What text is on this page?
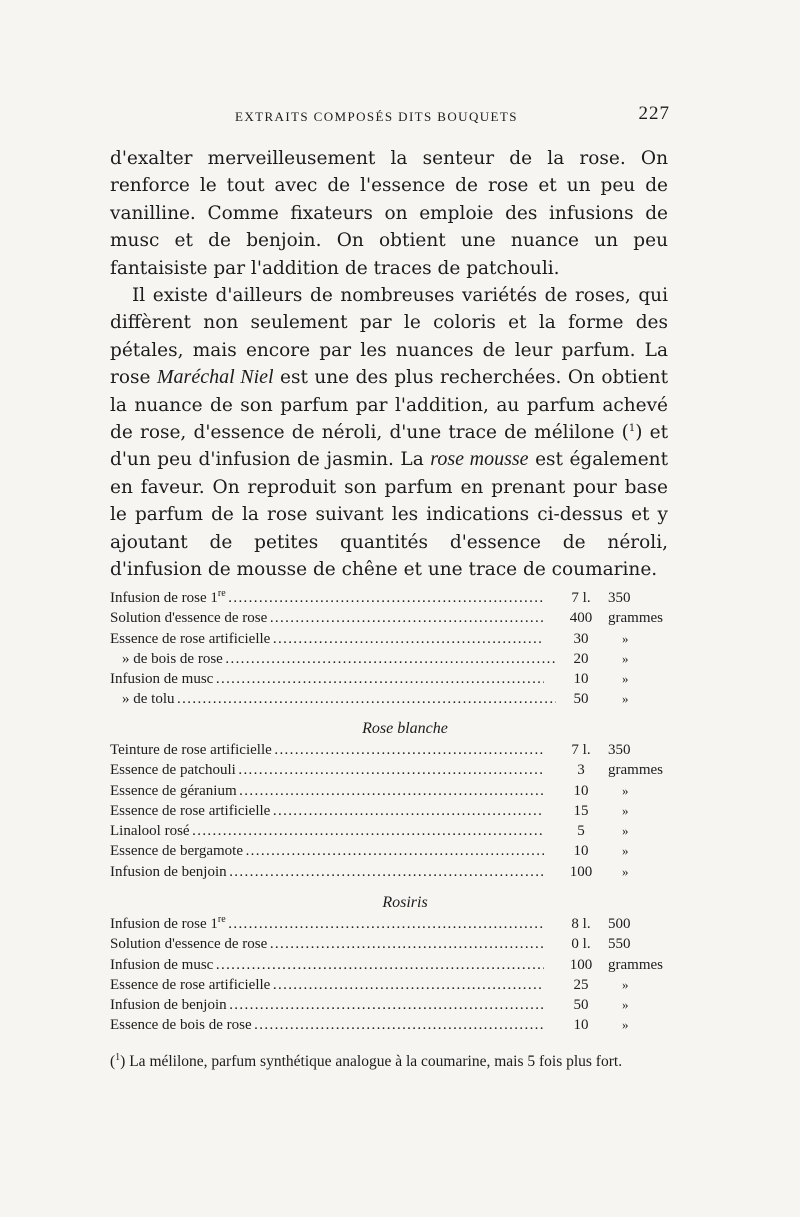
EXTRAITS COMPOSÉS DITS BOUQUETS	227

d'exalter merveilleusement la senteur de la rose. On renforce le tout avec de l'essence de rose et un peu de vanilline. Comme fixateurs on emploie des infusions de musc et de benjoin. On obtient une nuance un peu fantaisiste par l'addition de traces de patchouli.

Il existe d'ailleurs de nombreuses variétés de roses, qui diffèrent non seulement par le coloris et la forme des pétales, mais encore par les nuances de leur parfum. La rose Maréchal Niel est une des plus recherchées. On obtient la nuance de son parfum par l'addition, au parfum achevé de rose, d'essence de néroli, d'une trace de mélilone ($^1$) et d'un peu d'infusion de jasmin. La rose mousse est également en faveur. On reproduit son parfum en prenant pour base le parfum de la rose suivant les indications ci-dessus et y ajoutant de petites quantités d'essence de néroli, d'infusion de mousse de chêne et une trace de coumarine.

Infusion de rose 1re . . .	7 l.	350
Solution d'essence de rose . . .	400	grammes
Essence de rose artificielle . . .	30	»
» de bois de rose . . .	20	»
Infusion de musc . . .	10	»
» de tolu . . .	50	»
Rose blanche
Teinture de rose artificielle . . .	7 l.	350
Essence de patchouli . . .	3	grammes
Essence de géranium . . .	10	»
Essence de rose artificielle . . .	15	»
Linalool rosé . . .	5	»
Essence de bergamote . . .	10	»
Infusion de benjoin . . .	100	»
Rosiris
Infusion de rose 1re . . .	8 l.	500
Solution d'essence de rose . . .	0 l.	550
Infusion de musc . . .	100	grammes
Essence de rose artificielle . . .	25	»
Infusion de benjoin . . .	50	»
Essence de bois de rose . . .	10	»

($^1$) La mélilone, parfum synthétique analogue à la coumarine, mais 5 fois plus fort.
